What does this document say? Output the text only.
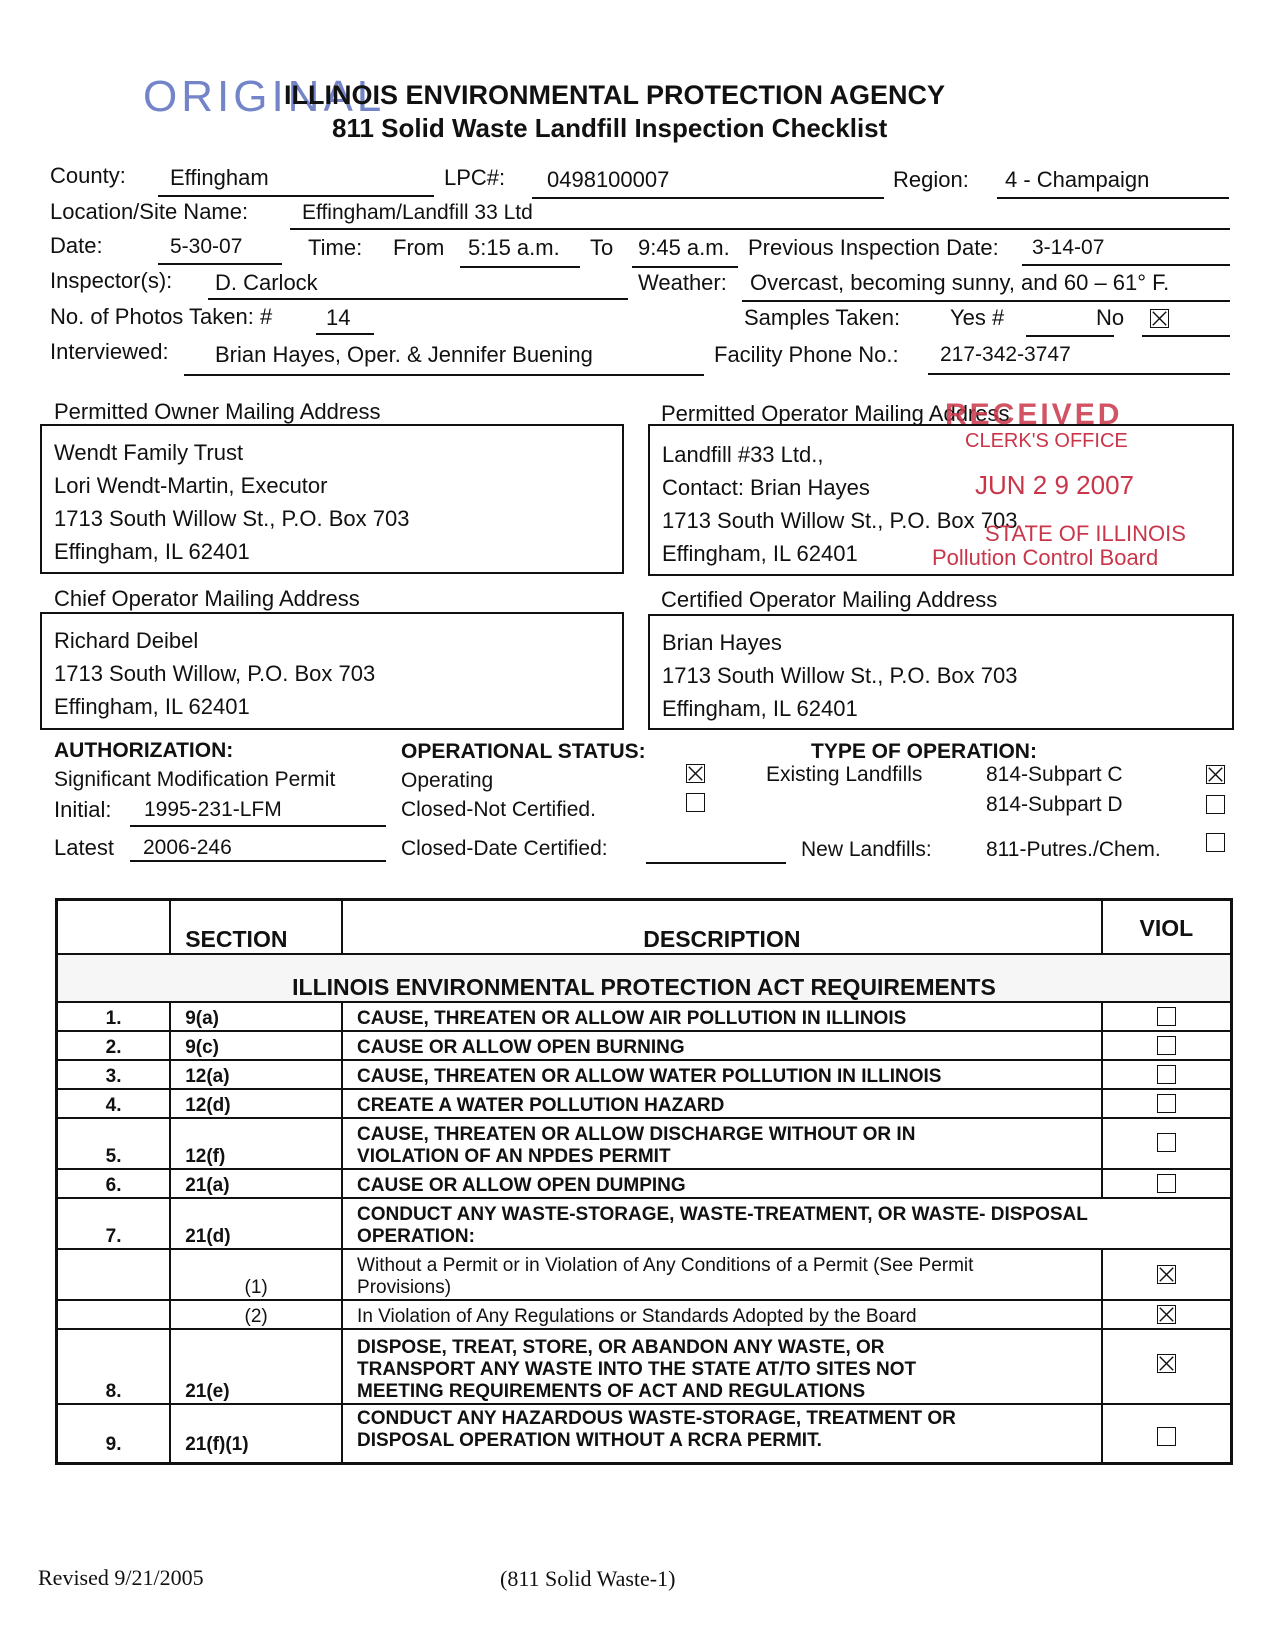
ORIGINAL
ILLINOIS ENVIRONMENTAL PROTECTION AGENCY
811 Solid Waste Landfill Inspection Checklist
County: Effingham	LPC#: 0498100007	Region: 4 - Champaign
Location/Site Name:	Effingham/Landfill 33 Ltd
Date:	5-30-07	Time: From 5:15 a.m. To 9:45 a.m. Previous Inspection Date: 3-14-07
Inspector(s): D. Carlock	Weather: Overcast, becoming sunny, and 60 – 61° F.
No. of Photos Taken: # 14	Samples Taken: Yes #	No
Interviewed: Brian Hayes, Oper. & Jennifer Buening	Facility Phone No.: 217-342-3747
Permitted Owner Mailing Address
Wendt Family Trust
Lori Wendt-Martin, Executor
1713 South Willow St., P.O. Box 703
Effingham, IL 62401
Permitted Operator Mailing Address
Landfill #33 Ltd.,
Contact: Brian Hayes
1713 South Willow St., P.O. Box 703
Effingham, IL 62401
RECEIVED
CLERK'S OFFICE
JUN 2 9 2007
STATE OF ILLINOIS
Pollution Control Board
Chief Operator Mailing Address
Richard Deibel
1713 South Willow, P.O. Box 703
Effingham, IL 62401
Certified Operator Mailing Address
Brian Hayes
1713 South Willow St., P.O. Box 703
Effingham, IL 62401
AUTHORIZATION:
Significant Modification Permit
Initial: 1995-231-LFM
Latest 2006-246
OPERATIONAL STATUS:
Operating
Closed-Not Certified.
Closed-Date Certified:
TYPE OF OPERATION:
Existing Landfills	814-Subpart C
814-Subpart D
New Landfills:	811-Putres./Chem.
	SECTION	DESCRIPTION	VIOL
ILLINOIS ENVIRONMENTAL PROTECTION ACT REQUIREMENTS			
1.	9(a)	CAUSE, THREATEN OR ALLOW AIR POLLUTION IN ILLINOIS	

2.	9(c)	CAUSE OR ALLOW OPEN BURNING	

3.	12(a)	CAUSE, THREATEN OR ALLOW WATER POLLUTION IN ILLINOIS	

4.	12(d)	CREATE A WATER POLLUTION HAZARD	

5.	12(f)	CAUSE, THREATEN OR ALLOW DISCHARGE WITHOUT OR IN
VIOLATION OF AN NPDES PERMIT	

6.	21(a)	CAUSE OR ALLOW OPEN DUMPING	

7.	21(d)	CONDUCT ANY WASTE-STORAGE, WASTE-TREATMENT, OR WASTE- DISPOSAL
OPERATION:	

	(1)	Without a Permit or in Violation of Any Conditions of a Permit (See Permit
Provisions)

	(2)	In Violation of Any Regulations or Standards Adopted by the Board	

8.	21(e)	DISPOSE, TREAT, STORE, OR ABANDON ANY WASTE, OR
TRANSPORT ANY WASTE INTO THE STATE AT/TO SITES NOT
MEETING REQUIREMENTS OF ACT AND REGULATIONS

9.	21(f)(1)	CONDUCT ANY HAZARDOUS WASTE-STORAGE, TREATMENT OR
DISPOSAL OPERATION WITHOUT A RCRA PERMIT.	

Revised 9/21/2005	(811 Solid Waste-1)
